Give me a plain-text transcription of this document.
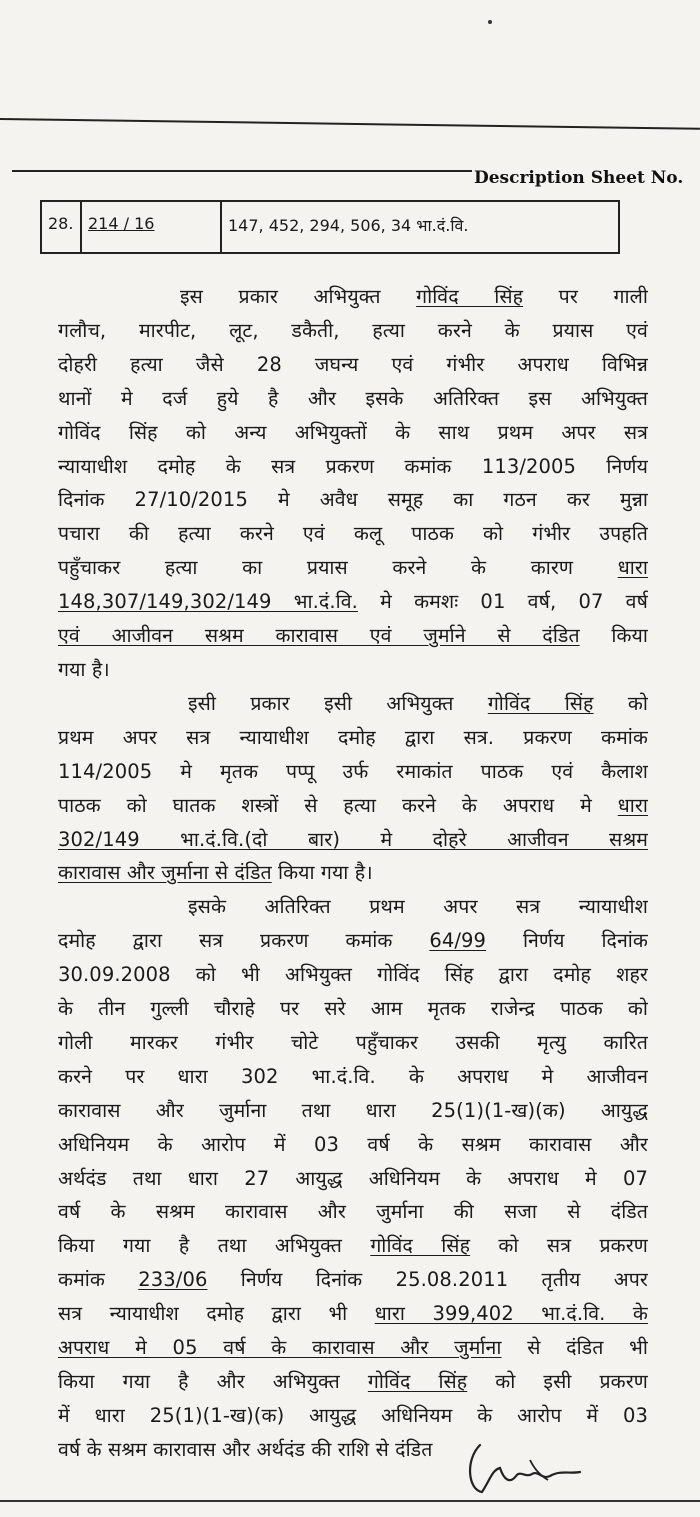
Description Sheet No.
28. 214 / 16	147, 452, 294, 506, 34 भा.दं.वि.
इस प्रकार अभियुक्त गोविंद सिंह पर गाली
गलौच, मारपीट, लूट, डकैती, हत्या करने के प्रयास एवं
दोहरी हत्या जैसे 28 जघन्य एवं गंभीर अपराध विभिन्न
थानों मे दर्ज हुये है और इसके अतिरिक्त इस अभियुक्त
गोविंद सिंह को अन्य अभियुक्तों के साथ प्रथम अपर सत्र
न्यायाधीश दमोह के सत्र प्रकरण कमांक 113/2005 निर्णय
दिनांक 27/10/2015 मे अवैध समूह का गठन कर मुन्ना
पचारा की हत्या करने एवं कलू पाठक को गंभीर उपहति
पहुँचाकर हत्या का प्रयास करने के कारण धारा
148,307/149,302/149 भा.दं.वि. मे कमशः 01 वर्ष, 07 वर्ष
एवं आजीवन सश्रम कारावास एवं जुर्माने से दंडित किया
गया है।
इसी प्रकार इसी अभियुक्त गोविंद सिंह को
प्रथम अपर सत्र न्यायाधीश दमोह द्वारा सत्र. प्रकरण कमांक
114/2005 मे मृतक पप्पू उर्फ रमाकांत पाठक एवं कैलाश
पाठक को घातक शस्त्रों से हत्या करने के अपराध मे धारा
302/149 भा.दं.वि.(दो बार) मे दोहरे आजीवन सश्रम
कारावास और जुर्माना से दंडित किया गया है।
इसके अतिरिक्त प्रथम अपर सत्र न्यायाधीश
दमोह द्वारा सत्र प्रकरण कमांक 64/99 निर्णय दिनांक
30.09.2008 को भी अभियुक्त गोविंद सिंह द्वारा दमोह शहर
के तीन गुल्ली चौराहे पर सरे आम मृतक राजेन्द्र पाठक को
गोली मारकर गंभीर चोटे पहुँचाकर उसकी मृत्यु कारित
करने पर धारा 302 भा.दं.वि. के अपराध मे आजीवन
कारावास और जुर्माना तथा धारा 25(1)(1-ख)(क) आयुद्ध
अधिनियम के आरोप में 03 वर्ष के सश्रम कारावास और
अर्थदंड तथा धारा 27 आयुद्ध अधिनियम के अपराध मे 07
वर्ष के सश्रम कारावास और जुर्माना की सजा से दंडित
किया गया है तथा अभियुक्त गोविंद सिंह को सत्र प्रकरण
कमांक 233/06 निर्णय दिनांक 25.08.2011 तृतीय अपर
सत्र न्यायाधीश दमोह द्वारा भी धारा 399,402 भा.दं.वि. के
अपराध मे 05 वर्ष के कारावास और जुर्माना से दंडित भी
किया गया है और अभियुक्त गोविंद सिंह को इसी प्रकरण
में धारा 25(1)(1-ख)(क) आयुद्ध अधिनियम के आरोप में 03
वर्ष के सश्रम कारावास और अर्थदंड की राशि से दंडित
